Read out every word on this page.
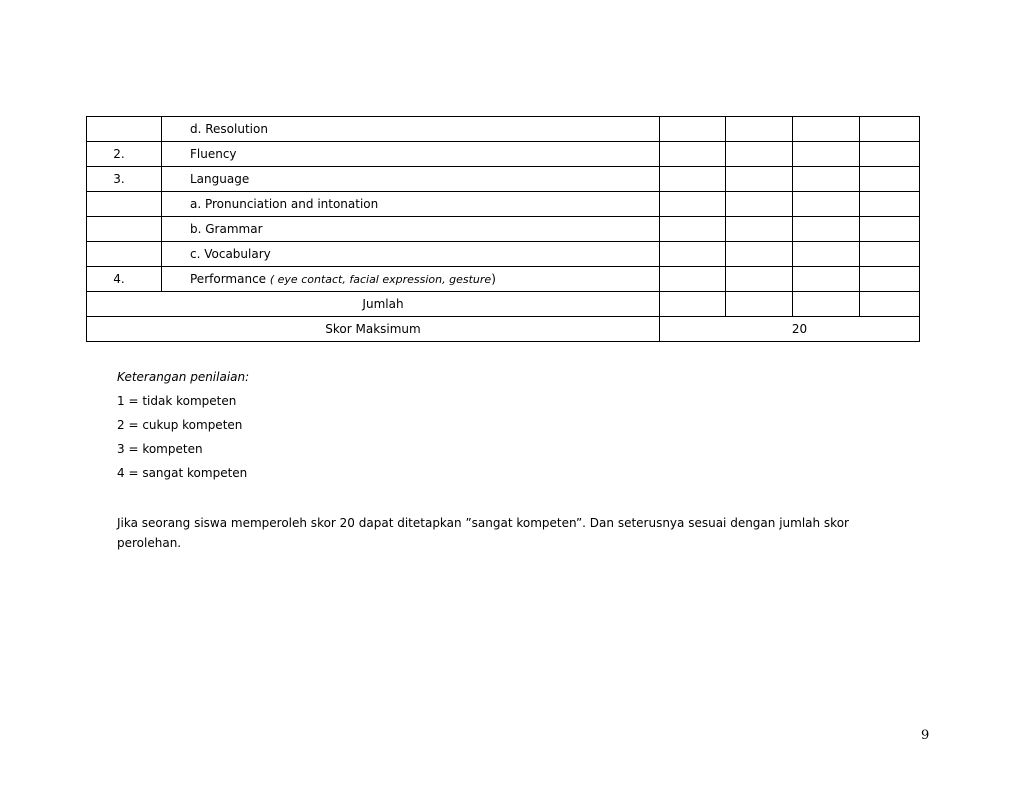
	d. Resolution				
2.	Fluency				
3.	Language				
	a. Pronunciation and intonation				
	b. Grammar				
	c. Vocabulary				
4.	Performance ( eye contact, facial expression, gesture)				
Jumlah					
Skor Maksimum		20			
Keterangan penilaian:
1 = tidak kompeten
2 = cukup kompeten
3 = kompeten
4 = sangat kompeten
Jika seorang siswa memperoleh skor 20 dapat ditetapkan ”sangat kompeten”. Dan seterusnya sesuai dengan jumlah skor perolehan.
9
